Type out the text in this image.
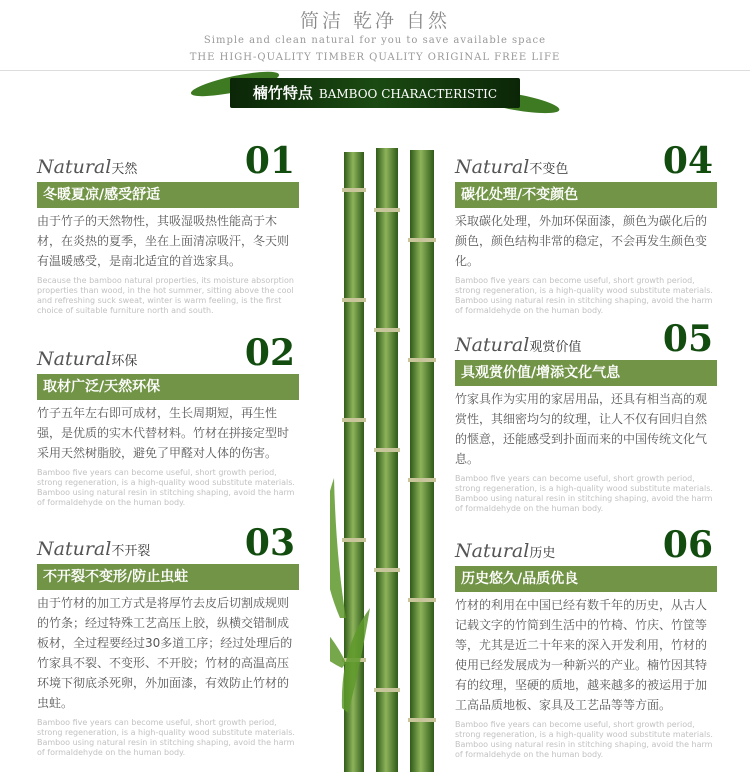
简洁 乾净 自然
Simple and clean natural for you to save available space
THE HIGH-QUALITY TIMBER QUALITY ORIGINAL FREE LIFE
楠竹特点 BAMBOO CHARACTERISTIC
Natural天然	01
冬暖夏凉/感受舒适
由于竹子的天然物性，其吸湿吸热性能高于木材，在炎热的夏季，坐在上面清凉吸汗，冬天则有温暖感受，是南北适宜的首选家具。
Because the bamboo natural properties, its moisture absorption properties than wood, in the hot summer, sitting above the cool and refreshing suck sweat, winter is warm feeling, is the first choice of suitable furniture north and south.
Natural环保	02
取材广泛/天然环保
竹子五年左右即可成材，生长周期短，再生性强，是优质的实木代替材料。竹材在拼接定型时采用天然树脂胶，避免了甲醛对人体的伤害。
Bamboo five years can become useful, short growth period, strong regeneration, is a high-quality wood substitute materials. Bamboo using natural resin in stitching shaping, avoid the harm of formaldehyde on the human body.
Natural不开裂	03
不开裂不变形/防止虫蛀
由于竹材的加工方式是将厚竹去皮后切割成规则的竹条；经过特殊工艺高压上胶，纵横交错制成板材，全过程要经过30多道工序；经过处理后的竹家具不裂、不变形、不开胶；竹材的高温高压环境下彻底杀死卵，外加面漆，有效防止竹材的虫蛀。
Bamboo five years can become useful, short growth period, strong regeneration, is a high-quality wood substitute materials. Bamboo using natural resin in stitching shaping, avoid the harm of formaldehyde on the human body.
Natural不变色	04
碳化处理/不变颜色
采取碳化处理，外加环保面漆，颜色为碳化后的颜色，颜色结构非常的稳定，不会再发生颜色变化。
Bamboo five years can become useful, short growth period, strong regeneration, is a high-quality wood substitute materials. Bamboo using natural resin in stitching shaping, avoid the harm of formaldehyde on the human body.
Natural观赏价值 05
具观赏价值/增添文化气息
竹家具作为实用的家居用品，还具有相当高的观赏性，其细密均匀的纹理，让人不仅有回归自然的惬意，还能感受到扑面而来的中国传统文化气息。
Bamboo five years can become useful, short growth period, strong regeneration, is a high-quality wood substitute materials. Bamboo using natural resin in stitching shaping, avoid the harm of formaldehyde on the human body.
Natural历史	06
历史悠久/品质优良
竹材的利用在中国已经有数千年的历史，从古人记载文字的竹简到生活中的竹椅、竹庆、竹筐等等，尤其是近二十年来的深入开发利用，竹材的使用已经发展成为一种新兴的产业。楠竹因其特有的纹理，坚硬的质地，越来越多的被运用于加工高品质地板、家具及工艺品等等方面。
Bamboo five years can become useful, short growth period, strong regeneration, is a high-quality wood substitute materials. Bamboo using natural resin in stitching shaping, avoid the harm of formaldehyde on the human body.
